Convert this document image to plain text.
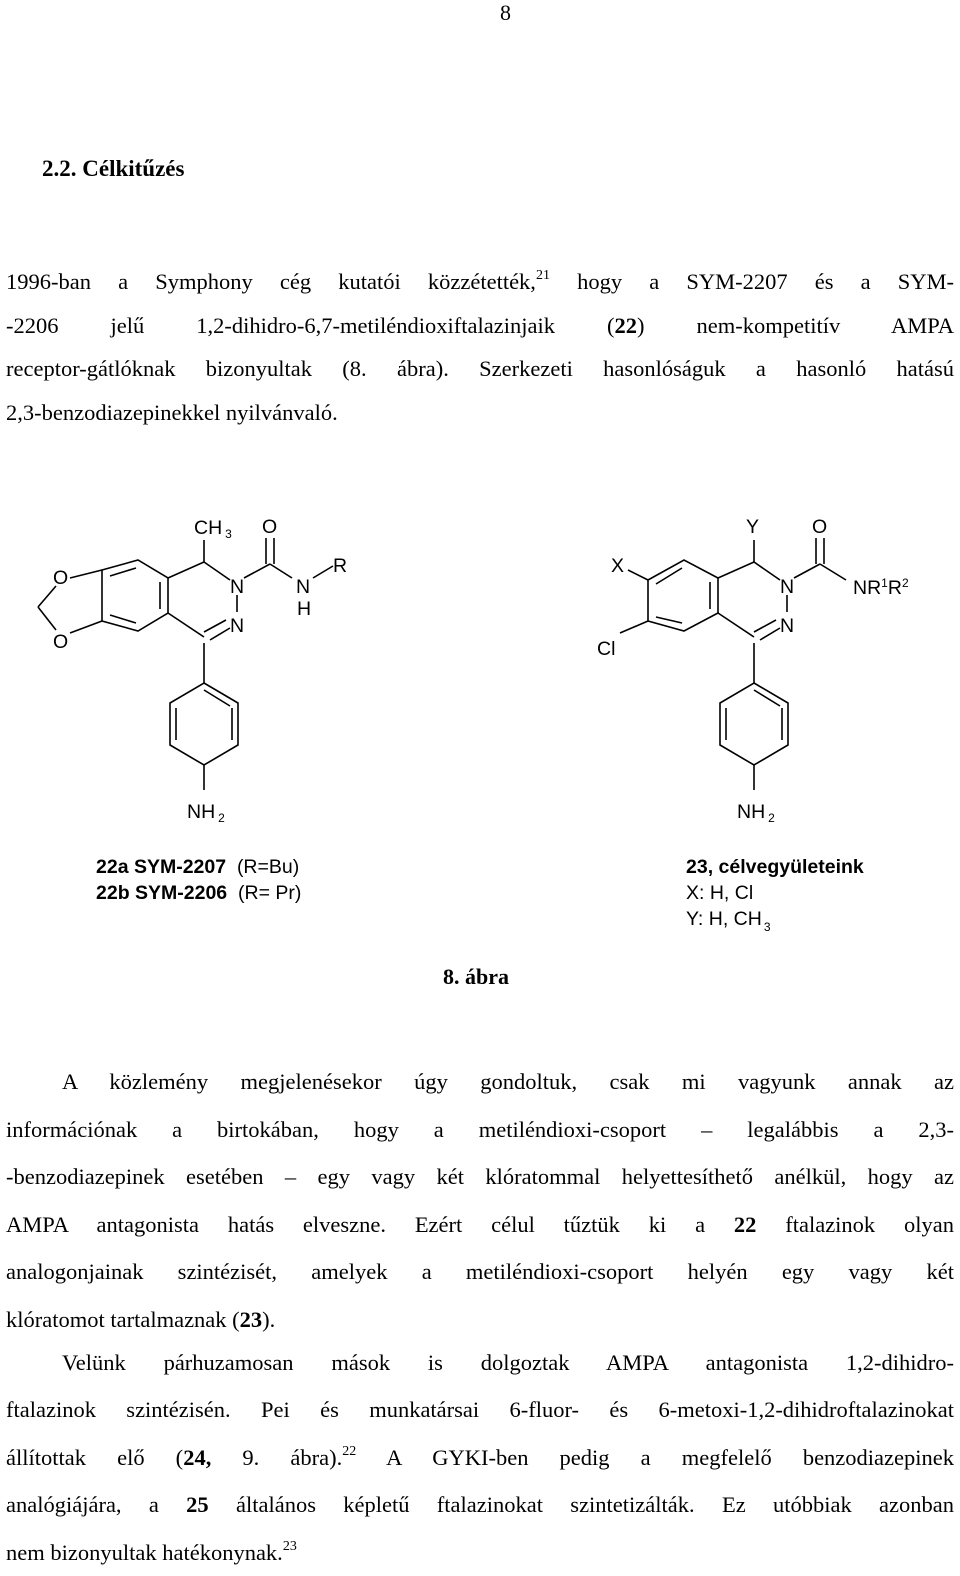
8
2.2. Célkitűzés

1996-ban a Symphony cég kutatói közzétették,$^{21}$ hogy a SYM-2207 és a SYM-
-2206 jelű 1,2-dihidro-6,7-metiléndioxiftalazinjaik (22) nem-kompetitív AMPA
receptor-gátlóknak bizonyultak (8. ábra). Szerkezeti hasonlóságuk a hasonló hatású
2,3-benzodiazepinekkel nyilvánvaló.

CH $_3$ O
O
O
N
N
N
H
R
NH $_2$
Y	O
X
Cl
N
N
$NR^1R^2$
NH $_2$
22a SYM-2207 (R=Bu)
22b SYM-2206 (R= Pr)
23, célvegyületeink
X: H, Cl
Y: H, CH $_3$
8. ábra

A közlemény megjelenésekor úgy gondoltuk, csak mi vagyunk annak az
információnak a birtokában, hogy a metiléndioxi-csoport – legalábbis a 2,3-
-benzodiazepinek esetében – egy vagy két klóratommal helyettesíthető anélkül, hogy az
AMPA antagonista hatás elveszne. Ezért célul tűztük ki a 22 ftalazinok olyan
analogonjainak szintézisét, amelyek a metiléndioxi-csoport helyén egy vagy két
klóratomot tartalmaznak (23).

Velünk párhuzamosan mások is dolgoztak AMPA antagonista 1,2-dihidro-
ftalazinok szintézisén. Pei és munkatársai 6-fluor- és 6-metoxi-1,2-dihidroftalazinokat
állítottak elő (24, 9. ábra).$^{22}$ A GYKI-ben pedig a megfelelő benzodiazepinek
analógiájára, a 25 általános képletű ftalazinokat szintetizálták. Ez utóbbiak azonban
nem bizonyultak hatékonynak.$^{23}$
